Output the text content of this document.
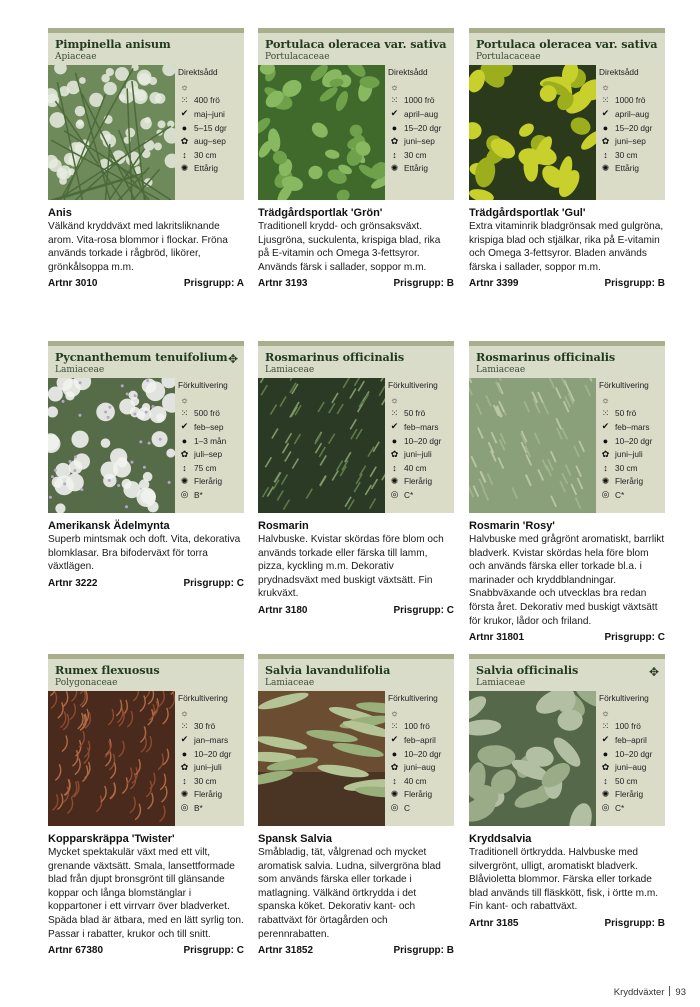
Pimpinella anisum
Apiaceae
Direktsådd
☼
⁙ 400 frö
✔ maj–juni
● 5–15 dgr
✿ aug–sep
↕ 30 cm
✺ Ettårig
Anis
Välkänd kryddväxt med lakritsliknande arom. Vita-rosa blommor i flockar. Fröna används torkade i rågbröd, likörer, grönkålsoppa m.m.
Artnr 3010	Prisgrupp: A
Portulaca oleracea var. sativa
Portulacaceae
Direktsådd
☼
⁙ 1000 frö
✔ april–aug
● 15–20 dgr
✿ juni–sep
↕ 30 cm
✺ Ettårig
Trädgårdsportlak 'Grön'
Traditionell krydd- och grönsaksväxt. Ljusgröna, suckulenta, krispiga blad, rika på E-vitamin och Omega 3-fettsyror. Används färsk i sallader, soppor m.m.
Artnr 3193	Prisgrupp: B
Portulaca oleracea var. sativa
Portulacaceae
Direktsådd
☼
⁙ 1000 frö
✔ april–aug
● 15–20 dgr
✿ juni–sep
↕ 30 cm
✺ Ettårig
Trädgårdsportlak 'Gul'
Extra vitaminrik bladgrönsak med gulgröna, krispiga blad och stjälkar, rika på E-vitamin och Omega 3-fettsyror. Bladen används färska i sallader, soppor m.m.
Artnr 3399	Prisgrupp: B
Pycnanthemum tenuifolium
Lamiaceae
✥
Förkultivering
☼
⁙ 500 frö
✔ feb–sep
● 1–3 mån
✿ juli–sep
↕ 75 cm
✺ Flerårig
◎ B*
Amerikansk Ädelmynta
Superb mintsmak och doft. Vita, dekorativa blomklasar. Bra bifoderväxt för torra växtlägen.
Artnr 3222	Prisgrupp: C
Rosmarinus officinalis
Lamiaceae
Förkultivering
☼
⁙ 50 frö
✔ feb–mars
● 10–20 dgr
✿ juni–juli
↕ 40 cm
✺ Flerårig
◎ C*
Rosmarin
Halvbuske. Kvistar skördas före blom och används torkade eller färska till lamm, pizza, kyckling m.m. Dekorativ prydnadsväxt med buskigt växtsätt. Fin krukväxt.
Artnr 3180	Prisgrupp: C
Rosmarinus officinalis
Lamiaceae
Förkultivering
☼
⁙ 50 frö
✔ feb–mars
● 10–20 dgr
✿ juni–juli
↕ 30 cm
✺ Flerårig
◎ C*
Rosmarin 'Rosy'
Halvbuske med grågrönt aromatiskt, barrlikt bladverk. Kvistar skördas hela före blom och används färska eller torkade bl.a. i marinader och kryddblandningar. Snabbväxande och utvecklas bra redan första året. Dekorativ med buskigt växtsätt för krukor, lådor och friland.
Artnr 31801	Prisgrupp: C
Rumex flexuosus
Polygonaceae
Förkultivering
☼
⁙ 30 frö
✔ jan–mars
● 10–20 dgr
✿ juni–juli
↕ 30 cm
✺ Flerårig
◎ B*
Kopparskräppa 'Twister'
Mycket spektakulär växt med ett vilt, grenande växtsätt. Smala, lansettformade blad från djupt bronsgrönt till glänsande koppar och långa blomstänglar i koppartoner i ett virrvarr över bladverket. Späda blad är ätbara, med en lätt syrlig ton. Passar i rabatter, krukor och till snitt.
Artnr 67380	Prisgrupp: C
Salvia lavandulifolia
Lamiaceae
Förkultivering
☼
⁙ 100 frö
✔ feb–april
● 10–20 dgr
✿ juni–aug
↕ 40 cm
✺ Flerårig
◎ C
Spansk Salvia
Småbladig, tät, vålgrenad och mycket aromatisk salvia. Ludna, silvergröna blad som används färska eller torkade i matlagning. Välkänd örtkrydda i det spanska köket. Dekorativ kant- och rabattväxt för örtagården och perennrabatten.
Artnr 31852	Prisgrupp: B
Salvia officinalis
Lamiaceae
✥
Förkultivering
☼
⁙ 100 frö
✔ feb–april
● 10–20 dgr
✿ juni–aug
↕ 50 cm
✺ Flerårig
◎ C*
Kryddsalvia
Traditionell örtkrydda. Halvbuske med silvergrönt, ulligt, aromatiskt bladverk. Blåvioletta blommor. Färska eller torkade blad används till fläskkött, fisk, i örtte m.m. Fin kant- och rabattväxt.
Artnr 3185	Prisgrupp: B
Kryddväxter 93
